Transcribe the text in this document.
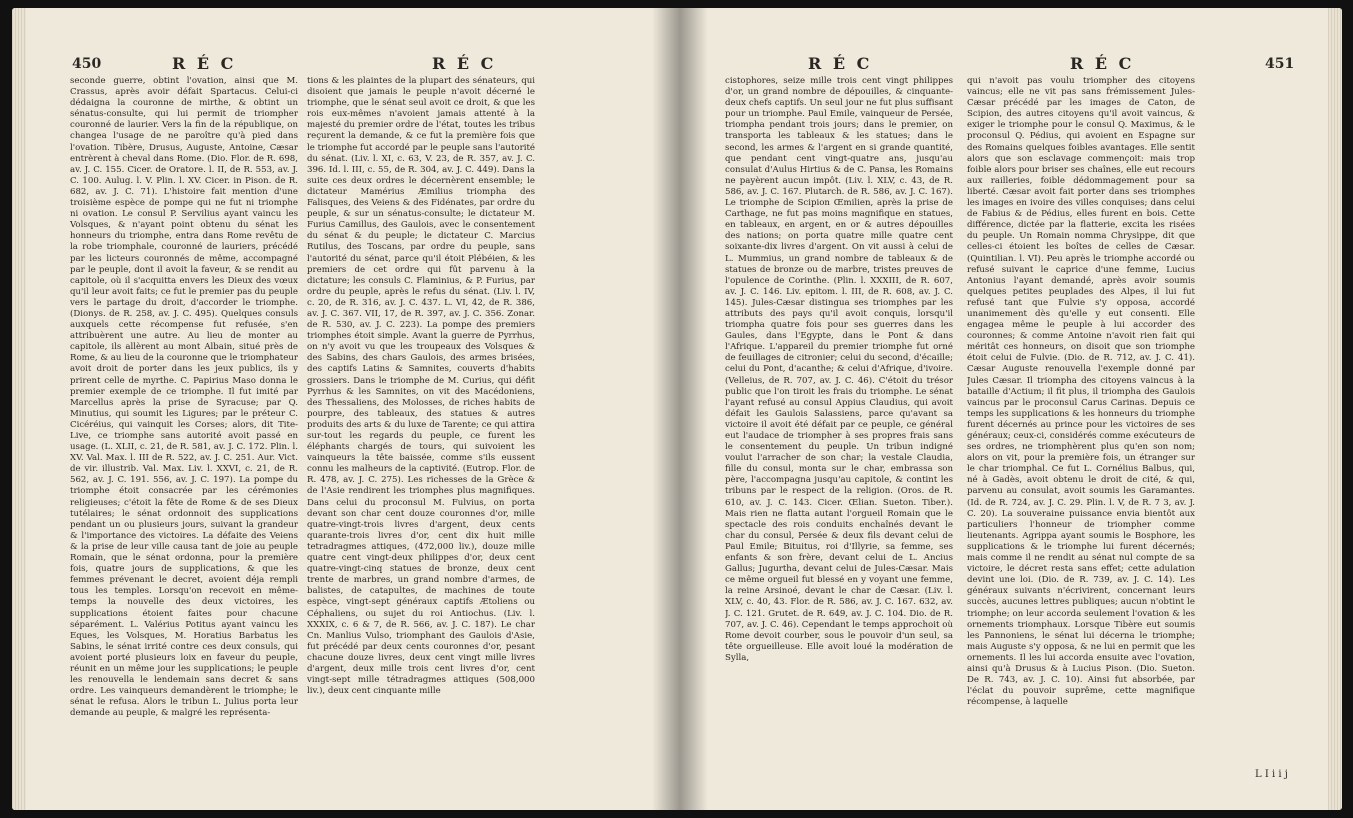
450	R É C	R É C
seconde guerre, obtint l'ovation, ainsi que M. Crassus, après avoir défait Spartacus. Celui-ci dédaigna la couronne de mirthe, & obtint un sénatus-consulte, qui lui permit de triompher couronné de laurier. Vers la fin de la république, on changea l'usage de ne paroître qu'à pied dans l'ovation. Tibère, Drusus, Auguste, Antoine, Cæsar entrèrent à cheval dans Rome. (Dio. Flor. de R. 698, av. J. C. 155. Cicer. de Oratore. l. II, de R. 553, av. J. C. 100. Aulug. l. V. Plin. l. XV. Cicer. in Pison. de R. 682, av. J. C. 71). L'histoire fait mention d'une troisième espèce de pompe qui ne fut ni triomphe ni ovation. Le consul P. Servilius ayant vaincu les Volsques, & n'ayant point obtenu du sénat les honneurs du triomphe, entra dans Rome revêtu de la robe triomphale, couronné de lauriers, précédé par les licteurs couronnés de même, accompagné par le peuple, dont il avoit la faveur, & se rendit au capitole, où il s'acquitta envers les Dieux des vœux qu'il leur avoit faits; ce fut le premier pas du peuple vers le partage du droit, d'accorder le triomphe. (Dionys. de R. 258, av. J. C. 495). Quelques consuls auxquels cette récompense fut refusée, s'en attribuèrent une autre. Au lieu de monter au capitole, ils allèrent au mont Albain, situé près de Rome, & au lieu de la couronne que le triomphateur avoit droit de porter dans les jeux publics, ils y prirent celle de myrthe. C. Papirius Maso donna le premier exemple de ce triomphe. Il fut imité par Marcellus après la prise de Syracuse; par Q. Minutius, qui soumit les Ligures; par le préteur C. Cicéréius, qui vainquit les Corses; alors, dit Tite-Live, ce triomphe sans autorité avoit passé en usage. (L. XLII, c. 21, de R. 581, av. J. C. 172. Plin. l. XV. Val. Max. l. III de R. 522, av. J. C. 251. Aur. Vict. de vir. illustrib. Val. Max. Liv. l. XXVI, c. 21, de R. 562, av. J. C. 191. 556, av. J. C. 197). La pompe du triomphe étoit consacrée par les cérémonies religieuses; c'étoit la fête de Rome & de ses Dieux tutélaires; le sénat ordonnoit des supplications pendant un ou plusieurs jours, suivant la grandeur & l'importance des victoires. La défaite des Veiens & la prise de leur ville causa tant de joie au peuple Romain, que le sénat ordonna, pour la première fois, quatre jours de supplications, & que les femmes prévenant le decret, avoient déja rempli tous les temples. Lorsqu'on recevoit en même-temps la nouvelle des deux victoires, les supplications étoient faites pour chacune séparément. L. Valérius Potitus ayant vaincu les Eques, les Volsques, M. Horatius Barbatus les Sabins, le sénat irrité contre ces deux consuls, qui avoient porté plusieurs loix en faveur du peuple, réunit en un même jour les supplications; le peuple les renouvella le lendemain sans decret & sans ordre. Les vainqueurs demandèrent le triomphe; le sénat le refusa. Alors le tribun L. Julius porta leur demande au peuple, & malgré les représenta-
tions & les plaintes de la plupart des sénateurs, qui disoient que jamais le peuple n'avoit décerné le triomphe, que le sénat seul avoit ce droit, & que les rois eux-mêmes n'avoient jamais attenté à la majesté du premier ordre de l'état, toutes les tribus reçurent la demande, & ce fut la première fois que le triomphe fut accordé par le peuple sans l'autorité du sénat. (Liv. l. XI, c. 63, V. 23, de R. 357, av. J. C. 396. Id. l. III, c. 55, de R. 304, av. J. C. 449). Dans la suite ces deux ordres le décernèrent ensemble; le dictateur Mamérius Æmilius triompha des Falisques, des Veiens & des Fidénates, par ordre du peuple, & sur un sénatus-consulte; le dictateur M. Furius Camillus, des Gaulois, avec le consentement du sénat & du peuple; le dictateur C. Marcius Rutilus, des Toscans, par ordre du peuple, sans l'autorité du sénat, parce qu'il étoit Plébéien, & les premiers de cet ordre qui fût parvenu à la dictature; les consuls C. Flaminius, & P. Furius, par ordre du peuple, après le refus du sénat. (Liv. l. IV, c. 20, de R. 316, av. J. C. 437. L. VI, 42, de R. 386, av. J. C. 367. VII, 17, de R. 397, av. J. C. 356. Zonar. de R. 530, av. J. C. 223). La pompe des premiers triomphes étoit simple. Avant la guerre de Pyrrhus, on n'y avoit vu que les troupeaux des Volsques & des Sabins, des chars Gaulois, des armes brisées, des captifs Latins & Samnites, couverts d'habits grossiers. Dans le triomphe de M. Curius, qui défit Pyrrhus & les Samnites, on vit des Macédoniens, des Thessaliens, des Molosses, de riches habits de pourpre, des tableaux, des statues & autres produits des arts & du luxe de Tarente; ce qui attira sur-tout les regards du peuple, ce furent les éléphants chargés de tours, qui suivoient les vainqueurs la tête baissée, comme s'ils eussent connu les malheurs de la captivité. (Eutrop. Flor. de R. 478, av. J. C. 275). Les richesses de la Grèce & de l'Asie rendirent les triomphes plus magnifiques. Dans celui du proconsul M. Fulvius, on porta devant son char cent douze couronnes d'or, mille quatre-vingt-trois livres d'argent, deux cents quarante-trois livres d'or, cent dix huit mille tetradragmes attiques, (472,000 liv.), douze mille quatre cent vingt-deux philippes d'or, deux cent quatre-vingt-cinq statues de bronze, deux cent trente de marbres, un grand nombre d'armes, de balistes, de catapultes, de machines de toute espèce, vingt-sept généraux captifs Ætoliens ou Céphaliens, ou sujet du roi Antiochus. (Liv. l. XXXIX, c. 6 & 7, de R. 566, av. J. C. 187). Le char Cn. Manlius Vulso, triomphant des Gaulois d'Asie, fut précédé par deux cents couronnes d'or, pesant chacune douze livres, deux cent vingt mille livres d'argent, deux mille trois cent livres d'or, cent vingt-sept mille tétradragmes attiques (508,000 liv.), deux cent cinquante mille
R É C	R É C	451
cistophores, seize mille trois cent vingt philippes d'or, un grand nombre de dépouilles, & cinquante-deux chefs captifs. Un seul jour ne fut plus suffisant pour un triomphe. Paul Emile, vainqueur de Persée, triompha pendant trois jours; dans le premier, on transporta les tableaux & les statues; dans le second, les armes & l'argent en si grande quantité, que pendant cent vingt-quatre ans, jusqu'au consulat d'Aulus Hirtius & de C. Pansa, les Romains ne payèrent aucun impôt. (Liv. l. XLV, c. 43, de R. 586, av. J. C. 167. Plutarch. de R. 586, av. J. C. 167). Le triomphe de Scipion Œmilien, après la prise de Carthage, ne fut pas moins magnifique en statues, en tableaux, en argent, en or & autres dépouilles des nations; on porta quatre mille quatre cent soixante-dix livres d'argent. On vit aussi à celui de L. Mummius, un grand nombre de tableaux & de statues de bronze ou de marbre, tristes preuves de l'opulence de Corinthe. (Plin. l. XXXIII, de R. 607, av. J. C. 146. Liv. epitom. l. III, de R. 608, av. J. C. 145). Jules-Cæsar distingua ses triomphes par les attributs des pays qu'il avoit conquis, lorsqu'il triompha quatre fois pour ses guerres dans les Gaules, dans l'Egypte, dans le Pont & dans l'Afrique. L'appareil du premier triomphe fut orné de feuillages de citronier; celui du second, d'écaille; celui du Pont, d'acanthe; & celui d'Afrique, d'ivoire. (Velleius, de R. 707, av. J. C. 46). C'étoit du trésor public que l'on tiroit les frais du triomphe. Le sénat l'ayant refusé au consul Appius Claudius, qui avoit défait les Gaulois Salassiens, parce qu'avant sa victoire il avoit été défait par ce peuple, ce général eut l'audace de triompher à ses propres frais sans le consentement du peuple. Un tribun indigné voulut l'arracher de son char; la vestale Claudia, fille du consul, monta sur le char, embrassa son père, l'accompagna jusqu'au capitole, & contint les tribuns par le respect de la religion. (Oros. de R. 610, av. J. C. 143. Cicer. Œlian. Sueton. Tiber.). Mais rien ne flatta autant l'orgueil Romain que le spectacle des rois conduits enchaînés devant le char du consul, Persée & deux fils devant celui de Paul Emile; Bituitus, roi d'Illyrie, sa femme, ses enfants & son frère, devant celui de L. Ancius Gallus; Jugurtha, devant celui de Jules-Cæsar. Mais ce même orgueil fut blessé en y voyant une femme, la reine Arsinoé, devant le char de Cæsar. (Liv. l. XLV, c. 40, 43. Flor. de R. 586, av. J. C. 167. 632, av. J. C. 121. Grutet. de R. 649, av. J. C. 104. Dio. de R. 707, av. J. C. 46). Cependant le temps approchoit où Rome devoit courber, sous le pouvoir d'un seul, sa tête orgueilleuse. Elle avoit loué la modération de Sylla,
qui n'avoit pas voulu triompher des citoyens vaincus; elle ne vit pas sans frémissement Jules-Cæsar précédé par les images de Caton, de Scipion, des autres citoyens qu'il avoit vaincus, & exiger le triomphe pour le consul Q. Maximus, & le proconsul Q. Pédius, qui avoient en Espagne sur des Romains quelques foibles avantages. Elle sentit alors que son esclavage commençoit: mais trop foible alors pour briser ses chaînes, elle eut recours aux railleries, foible dédommagement pour sa liberté. Cæsar avoit fait porter dans ses triomphes les images en ivoire des villes conquises; dans celui de Fabius & de Pédius, elles furent en bois. Cette différence, dictée par la flatterie, excita les risées du peuple. Un Romain nomma Chrysippe, dit que celles-ci étoient les boîtes de celles de Cæsar. (Quintilian. l. VI). Peu après le triomphe accordé ou refusé suivant le caprice d'une femme, Lucius Antonius l'ayant demandé, après avoir soumis quelques petites peuplades des Alpes, il lui fut refusé tant que Fulvie s'y opposa, accordé unanimement dès qu'elle y eut consenti. Elle engagea même le peuple à lui accorder des couronnes; & comme Antoine n'avoit rien fait qui méritât ces honneurs, on disoit que son triomphe étoit celui de Fulvie. (Dio. de R. 712, av. J. C. 41). Cæsar Auguste renouvella l'exemple donné par Jules Cæsar. Il triompha des citoyens vaincus à la bataille d'Actium; il fit plus, il triompha des Gaulois vaincus par le proconsul Carus Carinas. Depuis ce temps les supplications & les honneurs du triomphe furent décernés au prince pour les victoires de ses généraux; ceux-ci, considérés comme exécuteurs de ses ordres, ne triomphèrent plus qu'en son nom; alors on vit, pour la première fois, un étranger sur le char triomphal. Ce fut L. Cornélius Balbus, qui, né à Gadès, avoit obtenu le droit de cité, & qui, parvenu au consulat, avoit soumis les Garamantes. (Id. de R. 724, av. J. C. 29. Plin. l. V, de R. 7 3, av. J. C. 20). La souveraine puissance envia bientôt aux particuliers l'honneur de triompher comme lieutenants. Agrippa ayant soumis le Bosphore, les supplications & le triomphe lui furent décernés; mais comme il ne rendit au sénat nul compte de sa victoire, le décret resta sans effet; cette adulation devint une loi. (Dio. de R. 739, av. J. C. 14). Les généraux suivants n'écrivirent, concernant leurs succès, aucunes lettres publiques; aucun n'obtint le triomphe; on leur accorda seulement l'ovation & les ornements triomphaux. Lorsque Tibère eut soumis les Pannoniens, le sénat lui décerna le triomphe; mais Auguste s'y opposa, & ne lui en permit que les ornements. Il les lui accorda ensuite avec l'ovation, ainsi qu'à Drusus & à Lucius Pison. (Dio. Sueton. De R. 743, av. J. C. 10). Ainsi fut absorbée, par l'éclat du pouvoir suprême, cette magnifique récompense, à laquelle
L I i i j
